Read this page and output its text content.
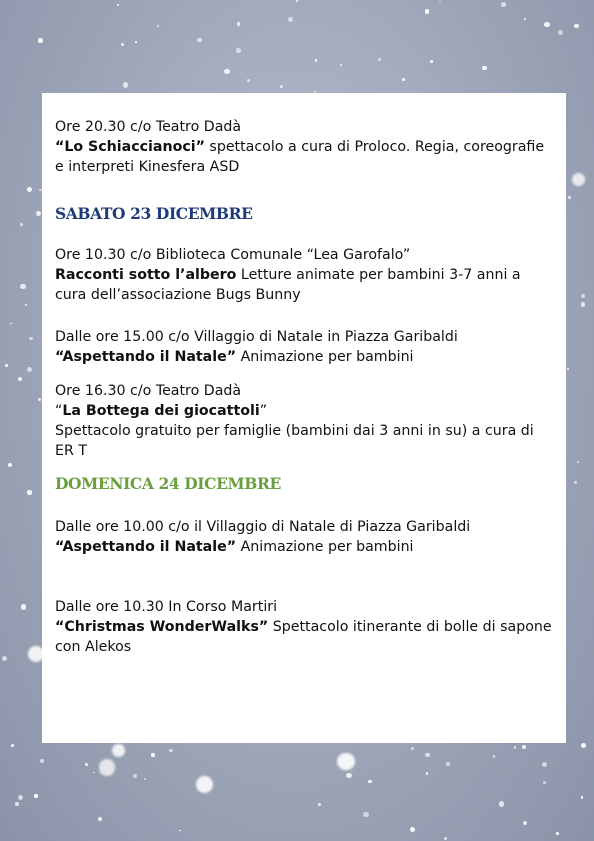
Ore 20.30 c/o Teatro Dadà
“Lo Schiaccianoci” spettacolo a cura di Proloco. Regia, coreografie e interpreti Kinesfera ASD
SABATO 23 DICEMBRE
Ore 10.30 c/o Biblioteca Comunale “Lea Garofalo”
Racconti sotto l’albero Letture animate per bambini 3-7 anni a cura dell’associazione Bugs Bunny
Dalle ore 15.00 c/o Villaggio di Natale in Piazza Garibaldi
“Aspettando il Natale” Animazione per bambini
Ore 16.30 c/o Teatro Dadà
“La Bottega dei giocattoli”
Spettacolo gratuito per famiglie (bambini dai 3 anni in su) a cura di ER T
DOMENICA 24 DICEMBRE
Dalle ore 10.00 c/o il Villaggio di Natale di Piazza Garibaldi
“Aspettando il Natale” Animazione per bambini
Dalle ore 10.30 In Corso Martiri
“Christmas WonderWalks” Spettacolo itinerante di bolle di sapone con Alekos
